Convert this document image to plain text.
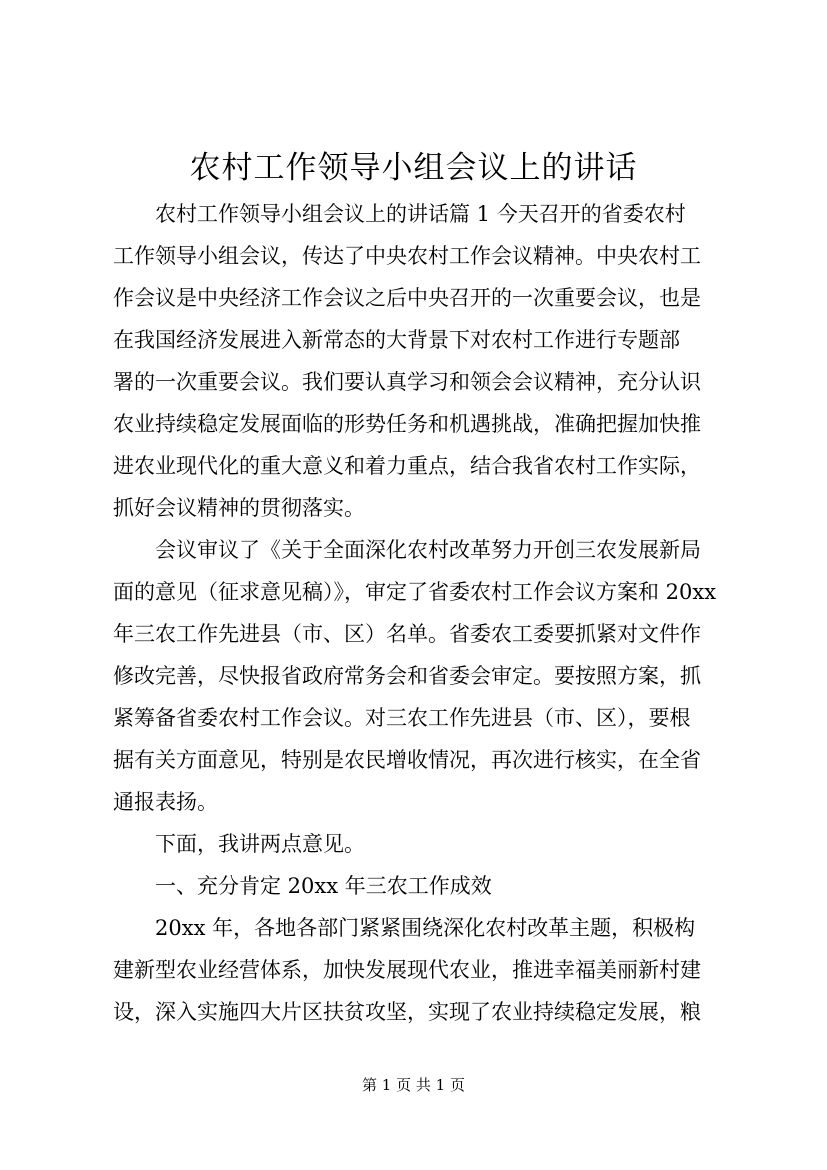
农村工作领导小组会议上的讲话

农村工作领导小组会议上的讲话篇 1 今天召开的省委农村

工作领导小组会议，传达了中央农村工作会议精神。中央农村工

作会议是中央经济工作会议之后中央召开的一次重要会议，也是

在我国经济发展进入新常态的大背景下对农村工作进行专题部

署的一次重要会议。我们要认真学习和领会会议精神，充分认识

农业持续稳定发展面临的形势任务和机遇挑战，准确把握加快推

进农业现代化的重大意义和着力重点，结合我省农村工作实际，

抓好会议精神的贯彻落实。

会议审议了《关于全面深化农村改革努力开创三农发展新局

面的意见（征求意见稿）》，审定了省委农村工作会议方案和 20xx

年三农工作先进县（市、区）名单。省委农工委要抓紧对文件作

修改完善，尽快报省政府常务会和省委会审定。要按照方案，抓

紧筹备省委农村工作会议。对三农工作先进县（市、区），要根

据有关方面意见，特别是农民增收情况，再次进行核实，在全省

通报表扬。

下面，我讲两点意见。

一、充分肯定 20xx 年三农工作成效

20xx 年，各地各部门紧紧围绕深化农村改革主题，积极构

建新型农业经营体系，加快发展现代农业，推进幸福美丽新村建

设，深入实施四大片区扶贫攻坚，实现了农业持续稳定发展，粮

第 1 页 共 1 页
